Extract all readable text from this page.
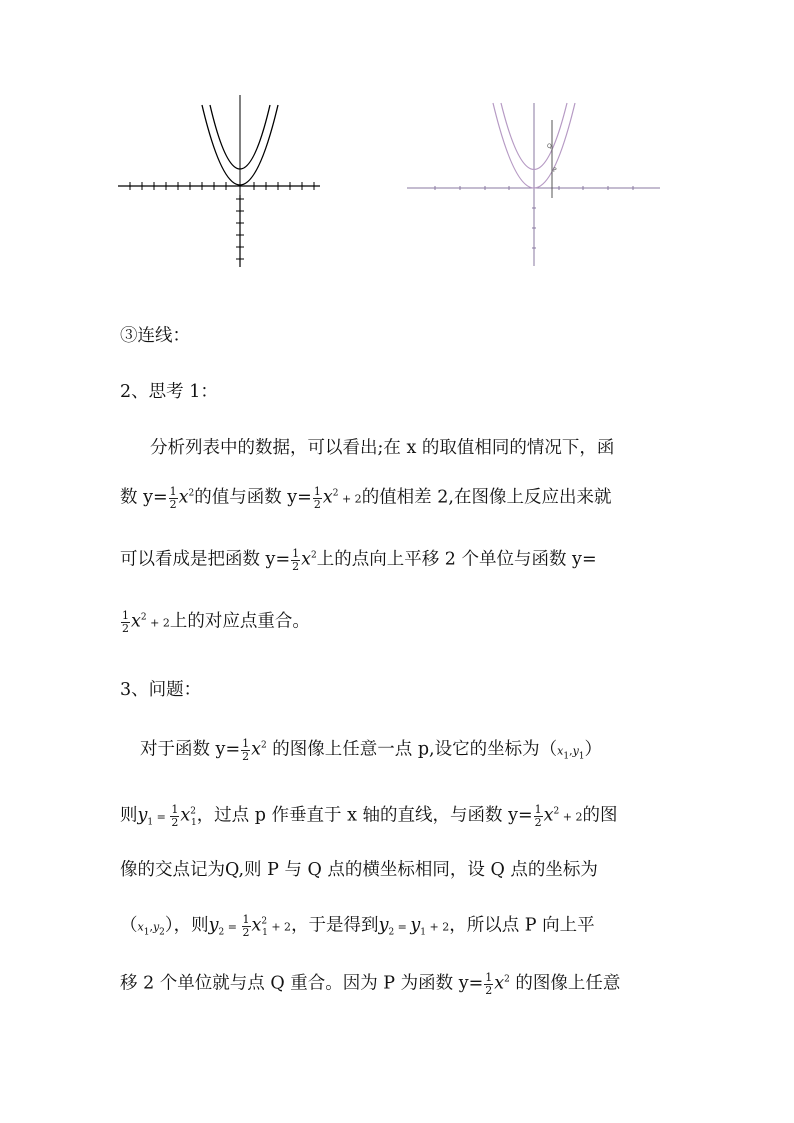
Q
P
③连线：
2、思考 1：
分析列表中的数据，可以看出;在 x 的取值相同的情况下，函
数 $y= \frac{1}{2} x^2$的值与函数 $y= \frac{1}{2} x^2 + 2$的值相差 2,在图像上反应出来就
可以看成是把函数 $y= \frac{1}{2} x^2$上的点向上平移 2 个单位与函数 y=
$\frac{1}{2} x^2 + 2$上的对应点重合。
3、问题：
对于函数 $y= \frac{1}{2} x^2$ 的图像上任意一点 p,设它的坐标为$(x_1,y_1)$
则$y_1 = \frac{1}{2} x^2_1$，过点 p 作垂直于 x 轴的直线，与函数 $y= \frac{1}{2} x^2 + 2$的图
像的交点记为Q,则 P 与 Q 点的横坐标相同，设 Q 点的坐标为
$(x_1,y_2)$，则$y_2 = \frac{1}{2} x^2_1 + 2$，于是得到$y_2 = y_1 + 2$，所以点 P 向上平
移 2 个单位就与点 Q 重合。因为 P 为函数 $y= \frac{1}{2} x^2$ 的图像上任意
